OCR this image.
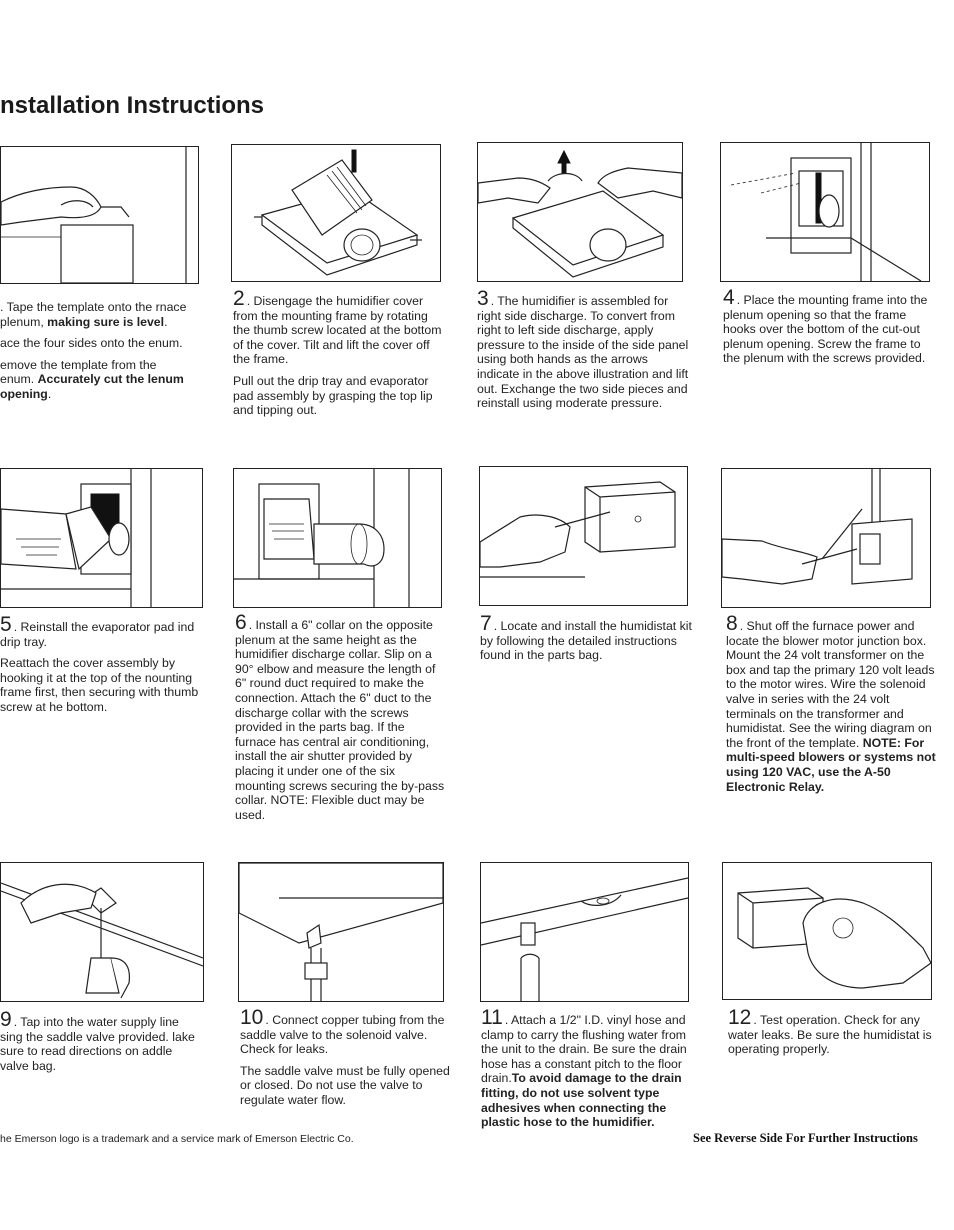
nstallation Instructions

. Tape the template onto the rnace plenum, making sure is level.

ace the four sides onto the enum.

emove the template from the enum. Accurately cut the lenum opening.

2 . Disengage the humidifier cover from the mounting frame by rotating the thumb screw located at the bottom of the cover. Tilt and lift the cover off the frame.

Pull out the drip tray and evaporator pad assembly by grasping the top lip and tipping out.

3 . The humidifier is assembled for right side discharge. To convert from right to left side discharge, apply pressure to the inside of the side panel using both hands as the arrows indicate in the above illustration and lift out. Exchange the two side pieces and reinstall using moderate pressure.

4 . Place the mounting frame into the plenum opening so that the frame hooks over the bottom of the cut-out plenum opening. Screw the frame to the plenum with the screws provided.

5 . Reinstall the evaporator pad ind drip tray.

Reattach the cover assembly by hooking it at the top of the nounting frame first, then securing with thumb screw at he bottom.

6 . Install a 6" collar on the opposite plenum at the same height as the humidifier discharge collar. Slip on a 90° elbow and measure the length of 6" round duct required to make the connection. Attach the 6" duct to the discharge collar with the screws provided in the parts bag. If the furnace has central air conditioning, install the air shutter provided by placing it under one of the six mounting screws securing the by-pass collar. NOTE: Flexible duct may be used.

7 . Locate and install the humidistat kit by following the detailed instructions found in the parts bag.

8 . Shut off the furnace power and locate the blower motor junction box. Mount the 24 volt transformer on the box and tap the primary 120 volt leads to the motor wires. Wire the solenoid valve in series with the 24 volt terminals on the transformer and humidistat. See the wiring diagram on the front of the template. NOTE: For multi-speed blowers or systems not using 120 VAC, use the A-50 Electronic Relay.

9 . Tap into the water supply line sing the saddle valve provided. lake sure to read directions on addle valve bag.

10 . Connect copper tubing from the saddle valve to the solenoid valve. Check for leaks.

The saddle valve must be fully opened or closed. Do not use the valve to regulate water flow.

11 . Attach a 1/2" I.D. vinyl hose and clamp to carry the flushing water from the unit to the drain. Be sure the drain hose has a constant pitch to the floor drain.To avoid damage to the drain fitting, do not use solvent type adhesives when connecting the plastic hose to the humidifier.

12 . Test operation. Check for any water leaks. Be sure the humidistat is operating properly.

he Emerson logo is a trademark and a service mark of Emerson Electric Co.	See Reverse Side For Further Instructions
